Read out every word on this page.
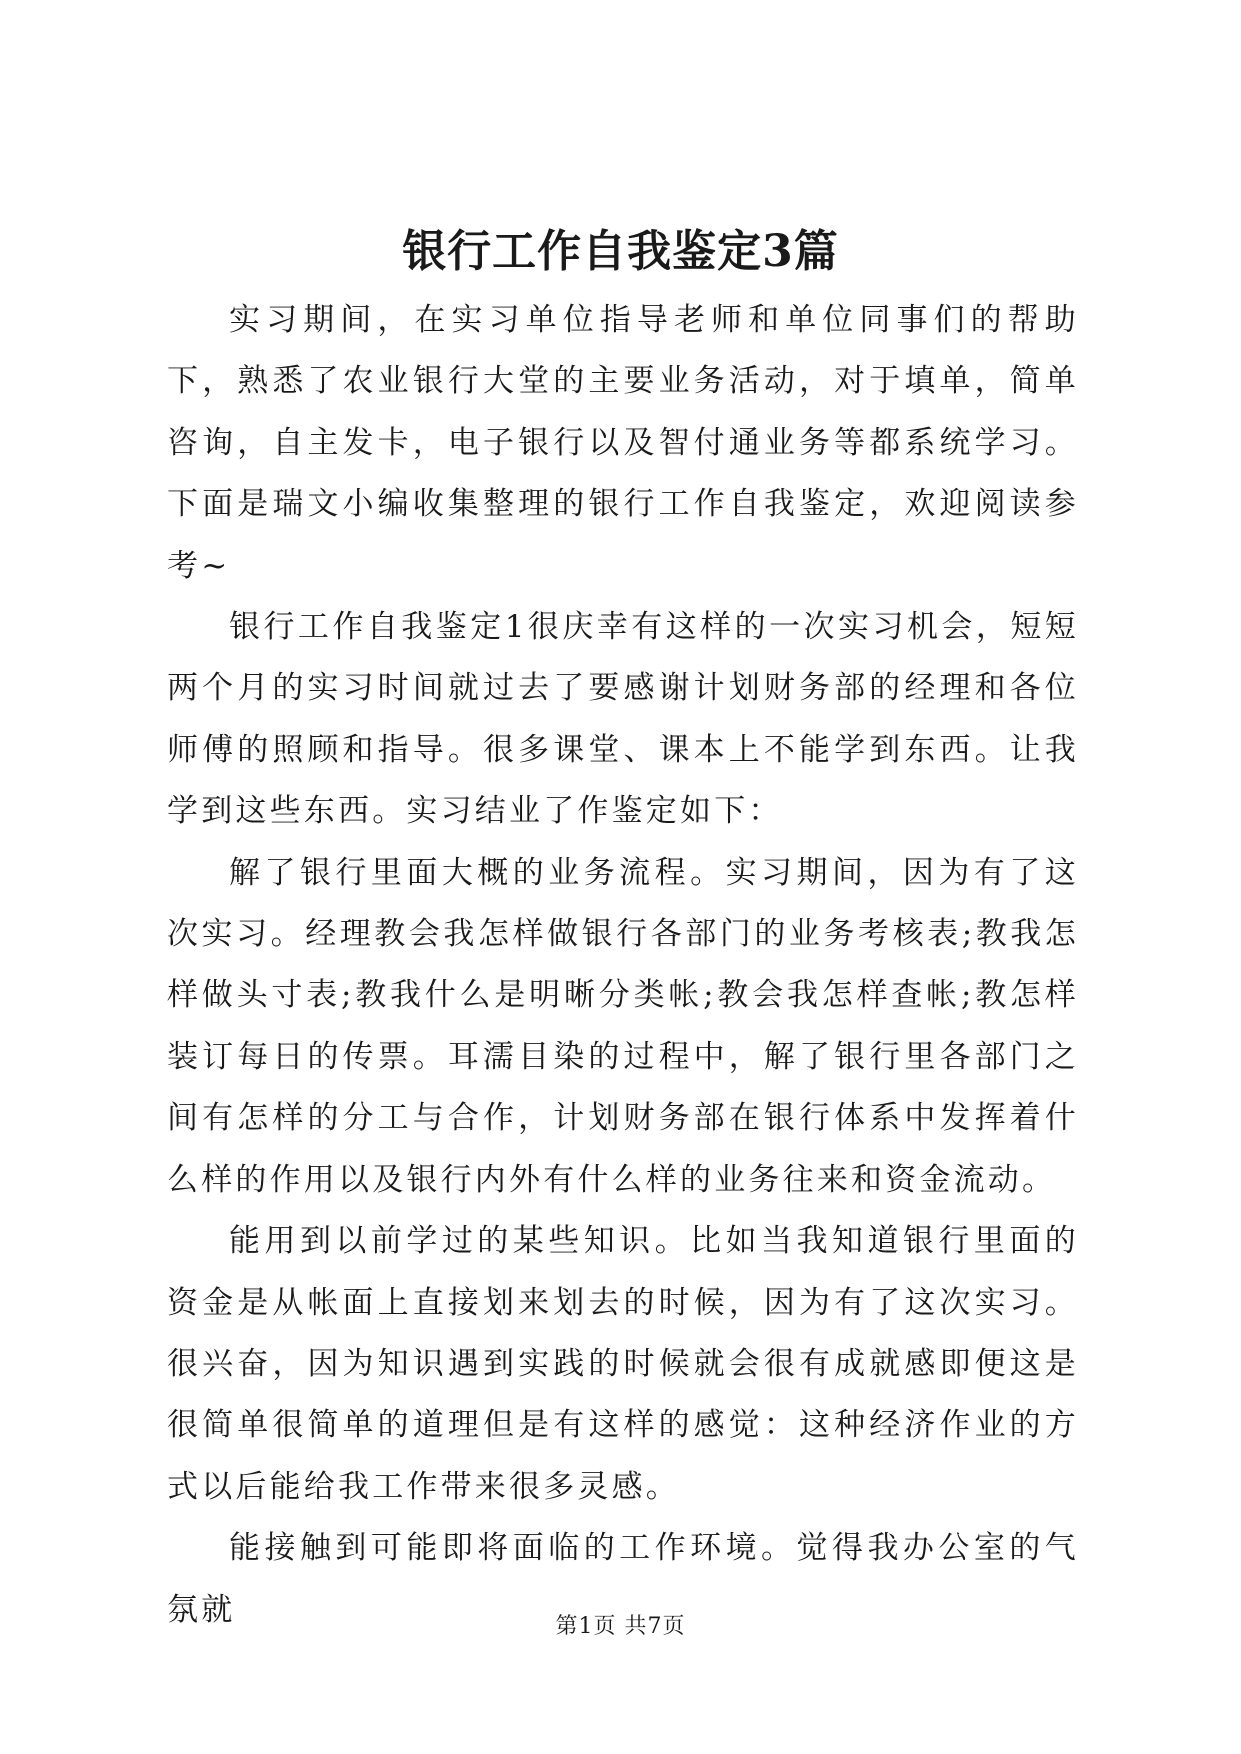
银行工作自我鉴定3篇

实习期间，在实习单位指导老师和单位同事们的帮助下，熟悉了农业银行大堂的主要业务活动，对于填单，简单咨询，自主发卡，电子银行以及智付通业务等都系统学习。下面是瑞文小编收集整理的银行工作自我鉴定，欢迎阅读参考~

银行工作自我鉴定1很庆幸有这样的一次实习机会，短短两个月的实习时间就过去了要感谢计划财务部的经理和各位师傅的照顾和指导。很多课堂、课本上不能学到东西。让我学到这些东西。实习结业了作鉴定如下：

解了银行里面大概的业务流程。实习期间，因为有了这次实习。经理教会我怎样做银行各部门的业务考核表;教我怎样做头寸表;教我什么是明晰分类帐;教会我怎样查帐;教怎样装订每日的传票。耳濡目染的过程中，解了银行里各部门之间有怎样的分工与合作，计划财务部在银行体系中发挥着什么样的作用以及银行内外有什么样的业务往来和资金流动。

能用到以前学过的某些知识。比如当我知道银行里面的资金是从帐面上直接划来划去的时候，因为有了这次实习。很兴奋，因为知识遇到实践的时候就会很有成就感即便这是很简单很简单的道理但是有这样的感觉：这种经济作业的方式以后能给我工作带来很多灵感。

能接触到可能即将面临的工作环境。觉得我办公室的气氛就	第1页 共7页
